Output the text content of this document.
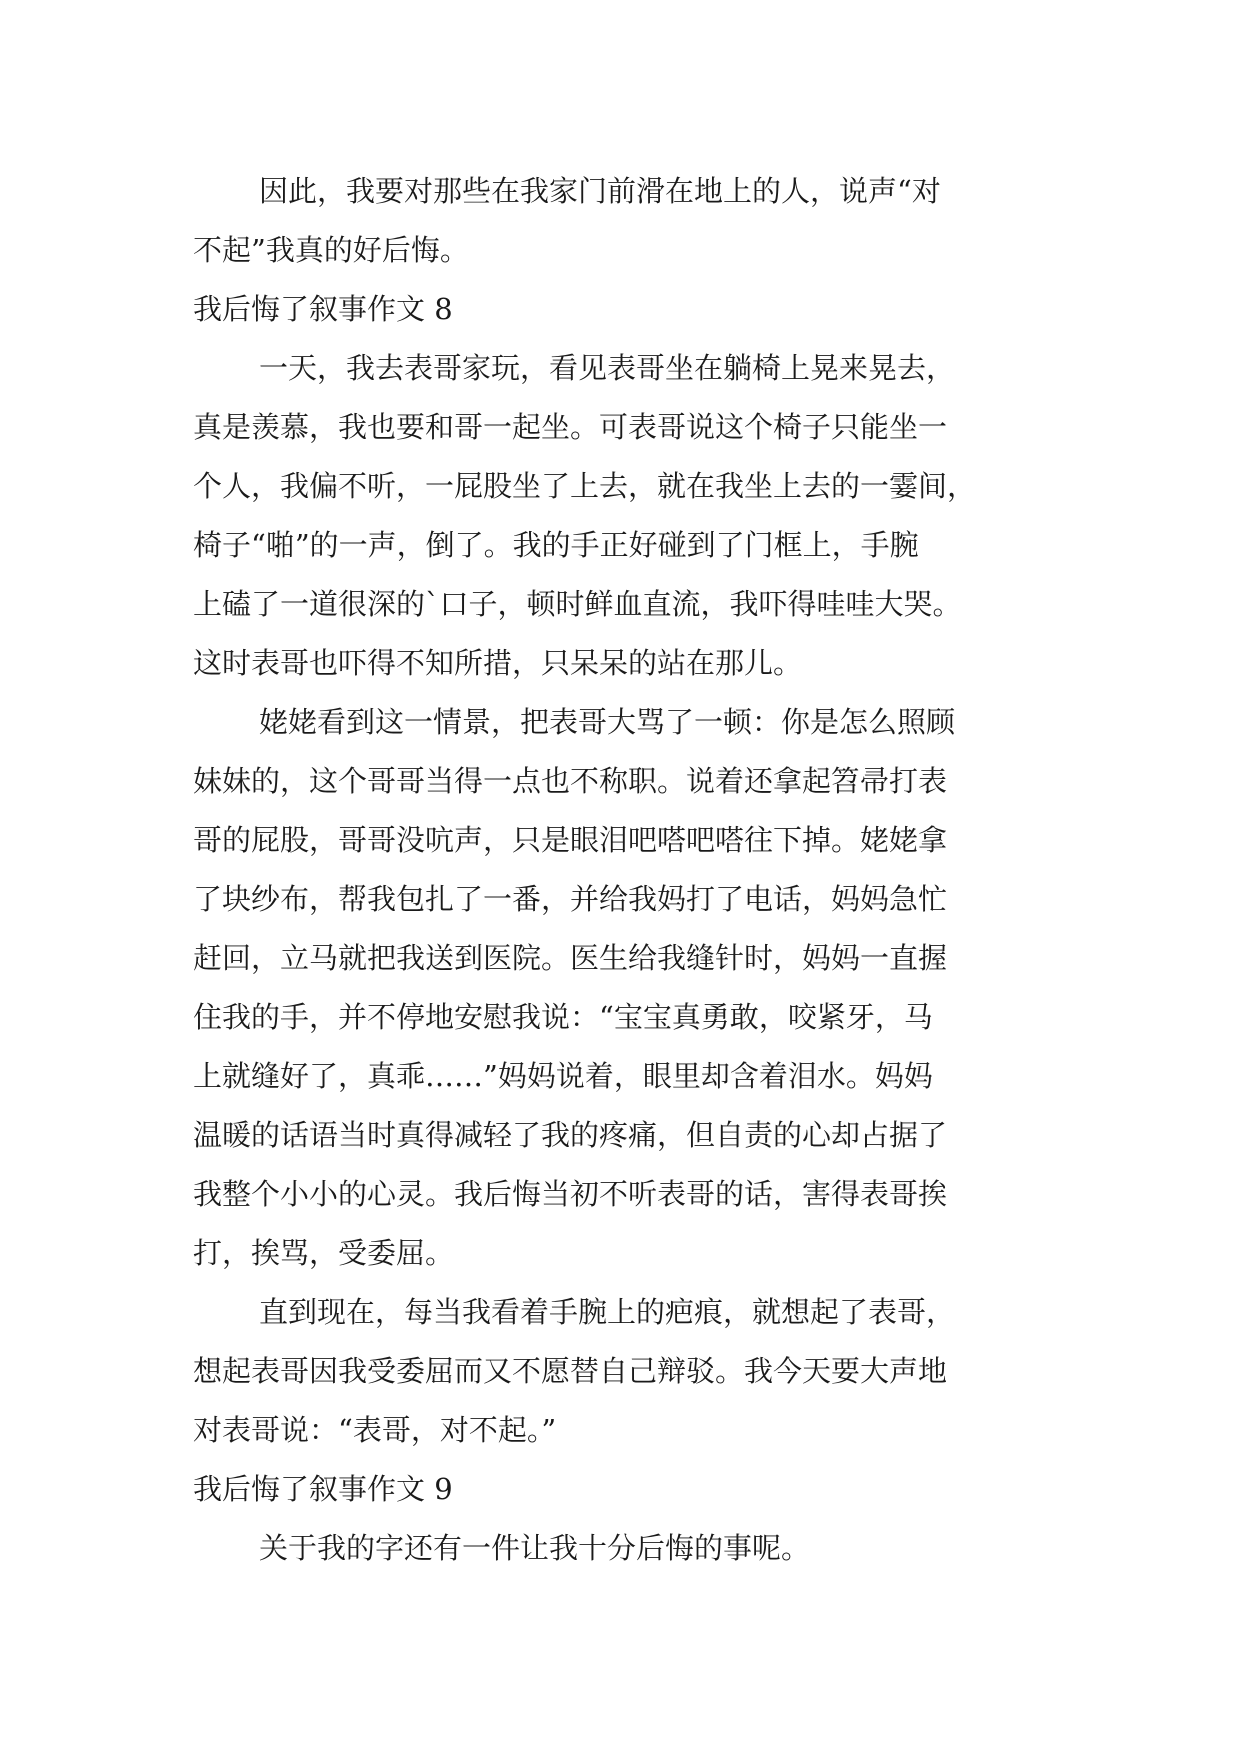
因此，我要对那些在我家门前滑在地上的人，说声“对
不起”我真的好后悔。
我后悔了叙事作文 8
一天，我去表哥家玩，看见表哥坐在躺椅上晃来晃去，
真是羡慕，我也要和哥一起坐。可表哥说这个椅子只能坐一
个人，我偏不听，一屁股坐了上去，就在我坐上去的一霎间，
椅子“啪”的一声，倒了。我的手正好碰到了门框上，手腕
上磕了一道很深的`口子，顿时鲜血直流，我吓得哇哇大哭。
这时表哥也吓得不知所措，只呆呆的站在那儿。
姥姥看到这一情景，把表哥大骂了一顿：你是怎么照顾
妹妹的，这个哥哥当得一点也不称职。说着还拿起笤帚打表
哥的屁股，哥哥没吭声，只是眼泪吧嗒吧嗒往下掉。姥姥拿
了块纱布，帮我包扎了一番，并给我妈打了电话，妈妈急忙
赶回，立马就把我送到医院。医生给我缝针时，妈妈一直握
住我的手，并不停地安慰我说：“宝宝真勇敢，咬紧牙，马
上就缝好了，真乖……”妈妈说着，眼里却含着泪水。妈妈
温暖的话语当时真得减轻了我的疼痛，但自责的心却占据了
我整个小小的心灵。我后悔当初不听表哥的话，害得表哥挨
打，挨骂，受委屈。
直到现在，每当我看着手腕上的疤痕，就想起了表哥，
想起表哥因我受委屈而又不愿替自己辩驳。我今天要大声地
对表哥说：“表哥，对不起。”
我后悔了叙事作文 9
关于我的字还有一件让我十分后悔的事呢。
